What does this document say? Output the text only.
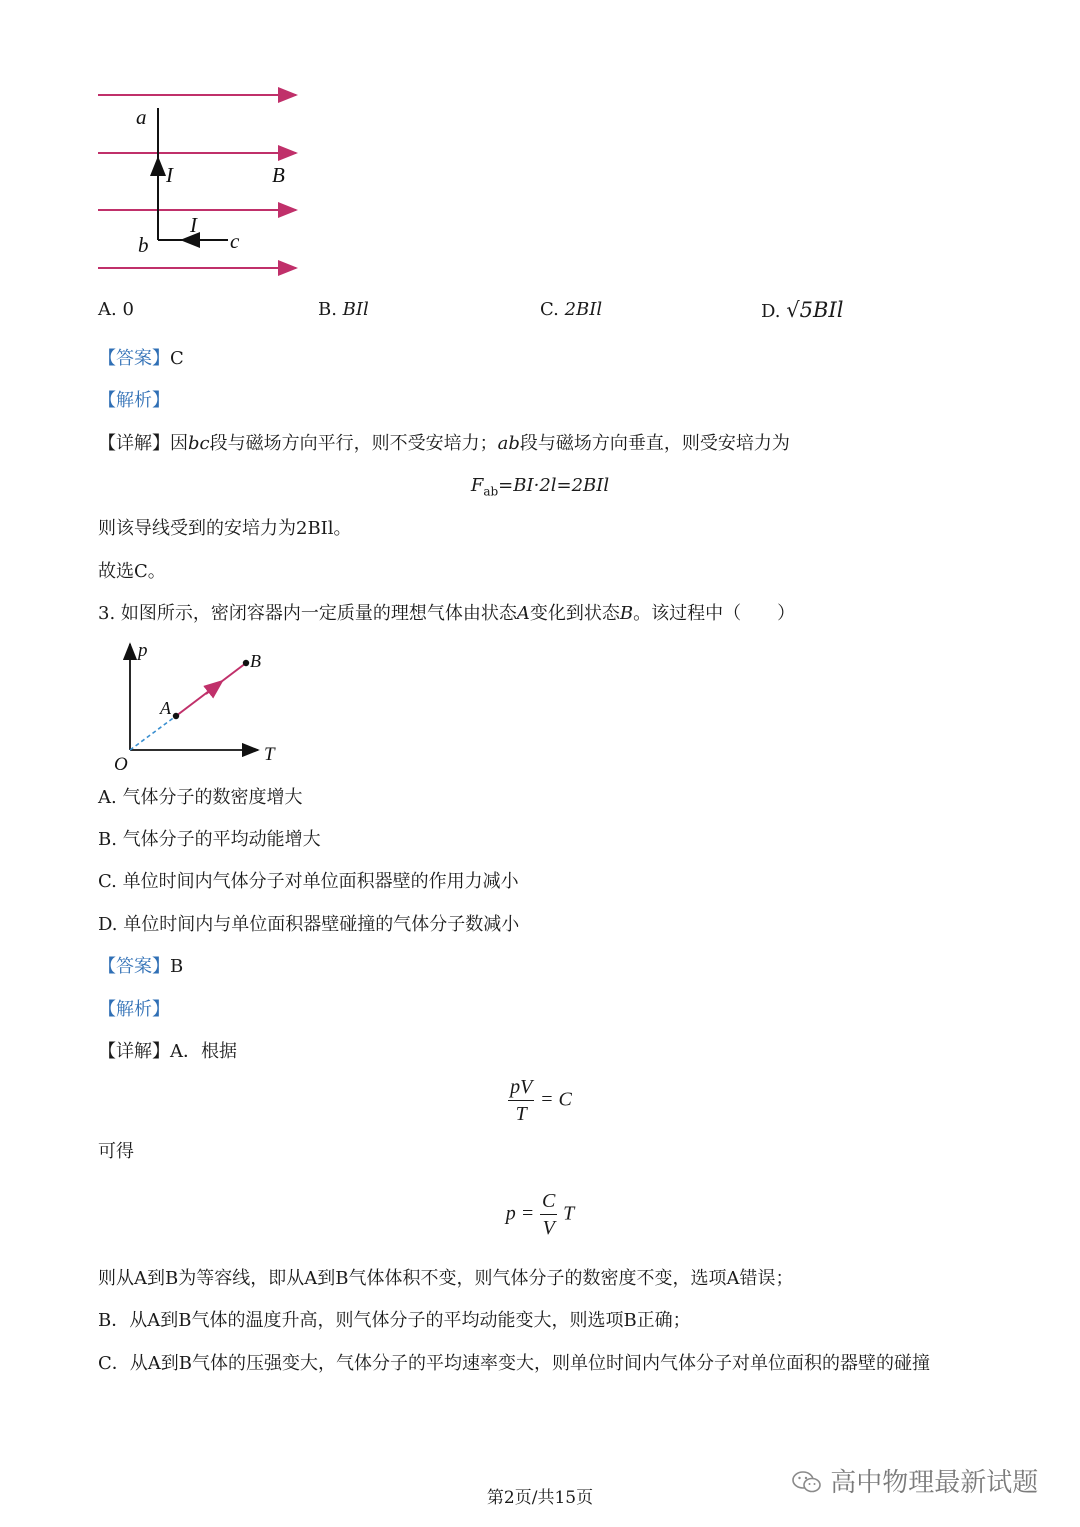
a
I	B
I
b	c
A. 0	B. BIl	C. 2BIl	D. √5BIl
【答案】C
【解析】
【详解】因bc段与磁场方向平行，则不受安培力；ab段与磁场方向垂直，则受安培力为
$F_{ab}=BI\cdot 2l=2BIl$
则该导线受到的安培力为2BIl。
故选C。
3. 如图所示，密闭容器内一定质量的理想气体由状态A变化到状态B。该过程中（　　）
p
T
O
A
B
A. 气体分子的数密度增大
B. 气体分子的平均动能增大
C. 单位时间内气体分子对单位面积器壁的作用力减小
D. 单位时间内与单位面积器壁碰撞的气体分子数减小
【答案】B
【解析】
【详解】A．根据
$\frac{pV}{T} = C$
可得
$p = \frac{C}{V}$ T
则从A到B为等容线，即从A到B气体体积不变，则气体分子的数密度不变，选项A错误；
B．从A到B气体的温度升高，则气体分子的平均动能变大，则选项B正确；
C．从A到B气体的压强变大，气体分子的平均速率变大，则单位时间内气体分子对单位面积的器壁的碰撞
高中物理最新试题
第2页/共15页
